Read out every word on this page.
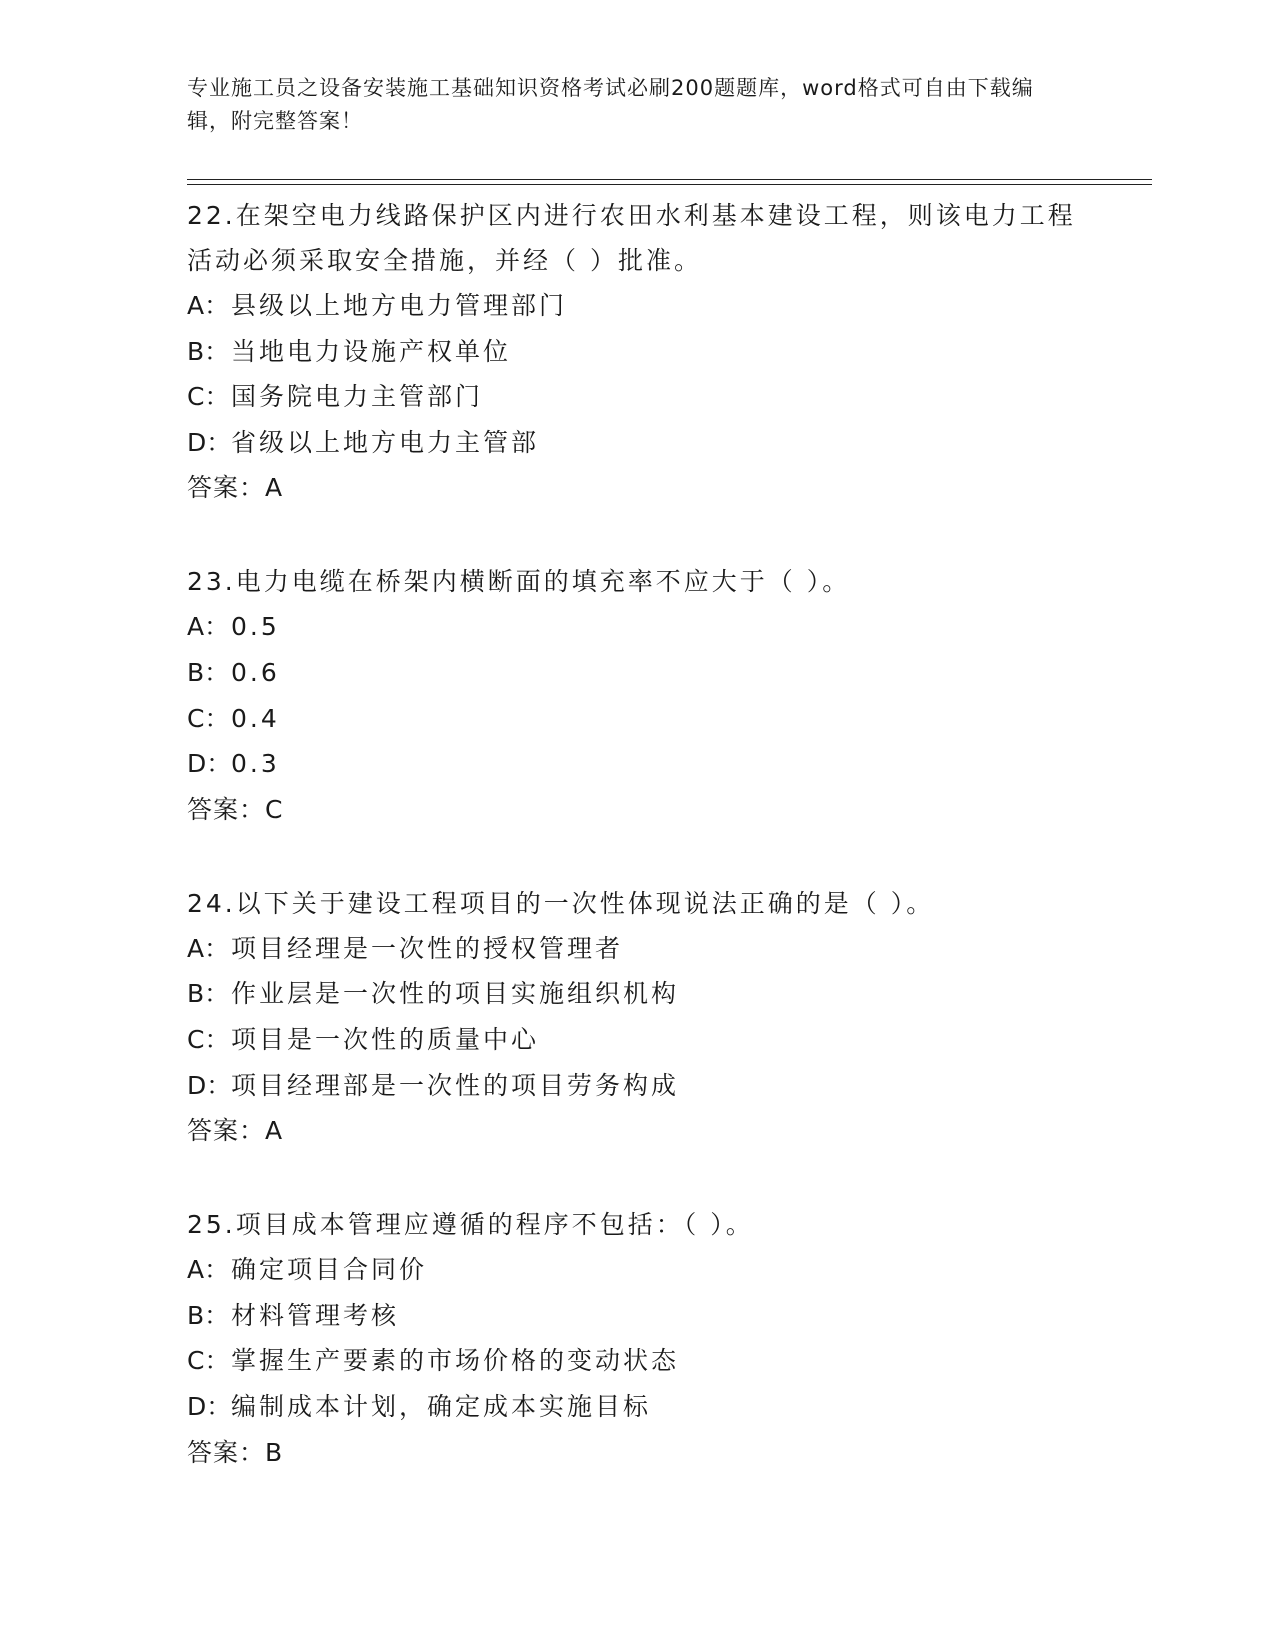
专业施工员之设备安装施工基础知识资格考试必刷200题题库，word格式可自由下载编辑，附完整答案！

22.在架空电力线路保护区内进行农田水利基本建设工程，则该电力工程活动必须采取安全措施，并经（ ）批准。

A：县级以上地方电力管理部门

B：当地电力设施产权单位

C：国务院电力主管部门

D：省级以上地方电力主管部

答案：A

23.电力电缆在桥架内横断面的填充率不应大于（ ）。

A：0.5

B：0.6

C：0.4

D：0.3

答案：C

24.以下关于建设工程项目的一次性体现说法正确的是（ ）。

A：项目经理是一次性的授权管理者

B：作业层是一次性的项目实施组织机构

C：项目是一次性的质量中心

D：项目经理部是一次性的项目劳务构成

答案：A

25.项目成本管理应遵循的程序不包括：（ ）。

A：确定项目合同价

B：材料管理考核

C：掌握生产要素的市场价格的变动状态

D：编制成本计划，确定成本实施目标

答案：B
